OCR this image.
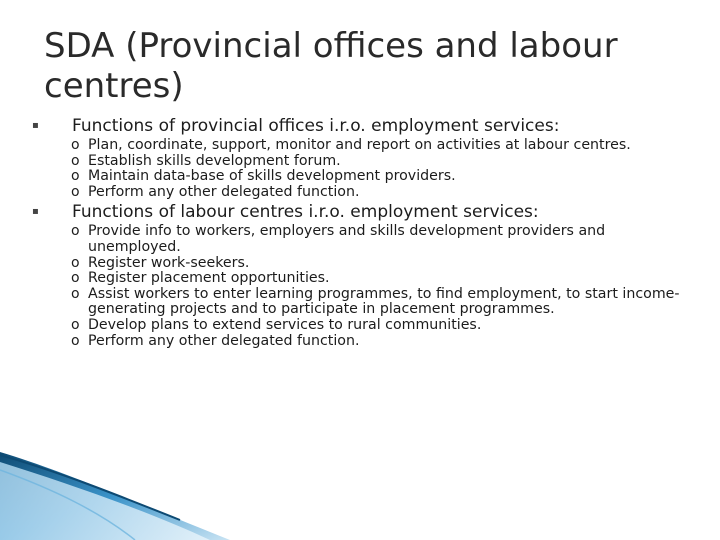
SDA (Provincial offices and labour centres)

▪	Functions of provincial offices i.r.o. employment services:

o Plan, coordinate, support, monitor and report on activities at labour centres.

o Establish skills development forum.

o Maintain data-base of skills development providers.

o Perform any other delegated function.

▪	Functions of labour centres i.r.o. employment services:

o Provide info to workers, employers and skills development providers and unemployed.

o Register work-seekers.

o Register placement opportunities.

o Assist workers to enter learning programmes, to find employment, to start income-generating projects and to participate in placement programmes.

o Develop plans to extend services to rural communities.

o Perform any other delegated function.
